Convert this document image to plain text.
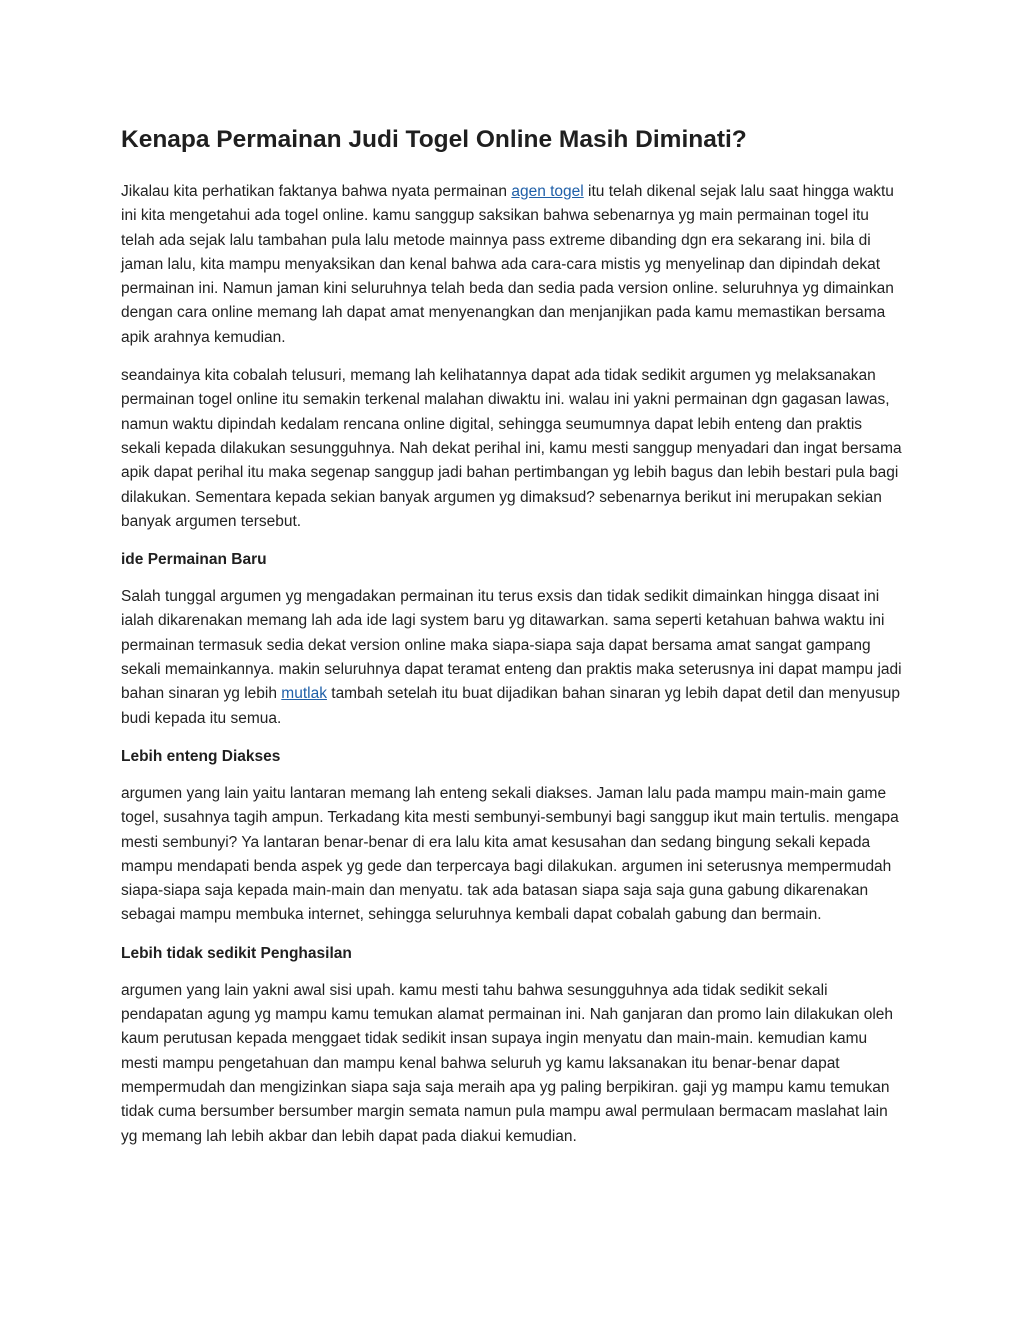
Kenapa Permainan Judi Togel Online Masih Diminati?

Jikalau kita perhatikan faktanya bahwa nyata permainan agen togel itu telah dikenal sejak lalu saat hingga waktu ini kita mengetahui ada togel online. kamu sanggup saksikan bahwa sebenarnya yg main permainan togel itu telah ada sejak lalu tambahan pula lalu metode mainnya pass extreme dibanding dgn era sekarang ini. bila di jaman lalu, kita mampu menyaksikan dan kenal bahwa ada cara-cara mistis yg menyelinap dan dipindah dekat permainan ini. Namun jaman kini seluruhnya telah beda dan sedia pada version online. seluruhnya yg dimainkan dengan cara online memang lah dapat amat menyenangkan dan menjanjikan pada kamu memastikan bersama apik arahnya kemudian.

seandainya kita cobalah telusuri, memang lah kelihatannya dapat ada tidak sedikit argumen yg melaksanakan permainan togel online itu semakin terkenal malahan diwaktu ini. walau ini yakni permainan dgn gagasan lawas, namun waktu dipindah kedalam rencana online digital, sehingga seumumnya dapat lebih enteng dan praktis sekali kepada dilakukan sesungguhnya. Nah dekat perihal ini, kamu mesti sanggup menyadari dan ingat bersama apik dapat perihal itu maka segenap sanggup jadi bahan pertimbangan yg lebih bagus dan lebih bestari pula bagi dilakukan. Sementara kepada sekian banyak argumen yg dimaksud? sebenarnya berikut ini merupakan sekian banyak argumen tersebut.

ide Permainan Baru

Salah tunggal argumen yg mengadakan permainan itu terus exsis dan tidak sedikit dimainkan hingga disaat ini ialah dikarenakan memang lah ada ide lagi system baru yg ditawarkan. sama seperti ketahuan bahwa waktu ini permainan termasuk sedia dekat version online maka siapa-siapa saja dapat bersama amat sangat gampang sekali memainkannya. makin seluruhnya dapat teramat enteng dan praktis maka seterusnya ini dapat mampu jadi bahan sinaran yg lebih mutlak tambah setelah itu buat dijadikan bahan sinaran yg lebih dapat detil dan menyusup budi kepada itu semua.

Lebih enteng Diakses

argumen yang lain yaitu lantaran memang lah enteng sekali diakses. Jaman lalu pada mampu main-main game togel, susahnya tagih ampun. Terkadang kita mesti sembunyi-sembunyi bagi sanggup ikut main tertulis. mengapa mesti sembunyi? Ya lantaran benar-benar di era lalu kita amat kesusahan dan sedang bingung sekali kepada mampu mendapati benda aspek yg gede dan terpercaya bagi dilakukan. argumen ini seterusnya mempermudah siapa-siapa saja kepada main-main dan menyatu. tak ada batasan siapa saja saja guna gabung dikarenakan sebagai mampu membuka internet, sehingga seluruhnya kembali dapat cobalah gabung dan bermain.

Lebih tidak sedikit Penghasilan

argumen yang lain yakni awal sisi upah. kamu mesti tahu bahwa sesungguhnya ada tidak sedikit sekali pendapatan agung yg mampu kamu temukan alamat permainan ini. Nah ganjaran dan promo lain dilakukan oleh kaum perutusan kepada menggaet tidak sedikit insan supaya ingin menyatu dan main-main. kemudian kamu mesti mampu pengetahuan dan mampu kenal bahwa seluruh yg kamu laksanakan itu benar-benar dapat mempermudah dan mengizinkan siapa saja saja meraih apa yg paling berpikiran. gaji yg mampu kamu temukan tidak cuma bersumber bersumber margin semata namun pula mampu awal permulaan bermacam maslahat lain yg memang lah lebih akbar dan lebih dapat pada diakui kemudian.
